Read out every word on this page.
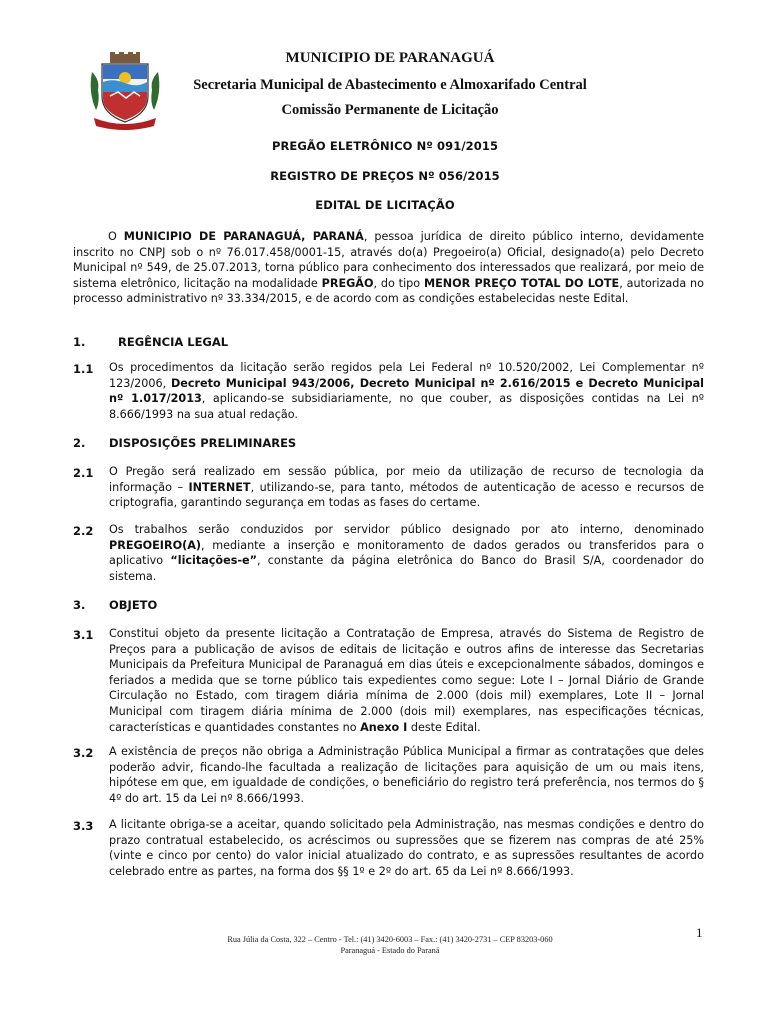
MUNICIPIO DE PARANAGUÁ
Secretaria Municipal de Abastecimento e Almoxarifado Central
Comissão Permanente de Licitação
PREGÃO ELETRÔNICO Nº 091/2015
REGISTRO DE PREÇOS Nº 056/2015
EDITAL DE LICITAÇÃO
O MUNICIPIO DE PARANAGUÁ, PARANÁ, pessoa jurídica de direito público interno, devidamente inscrito no CNPJ sob o nº 76.017.458/0001-15, através do(a) Pregoeiro(a) Oficial, designado(a) pelo Decreto Municipal nº 549, de 25.07.2013, torna público para conhecimento dos interessados que realizará, por meio de sistema eletrônico, licitação na modalidade PREGÃO, do tipo MENOR PREÇO TOTAL DO LOTE, autorizada no processo administrativo nº 33.334/2015, e de acordo com as condições estabelecidas neste Edital.
1.	REGÊNCIA LEGAL
1.1 Os procedimentos da licitação serão regidos pela Lei Federal nº 10.520/2002, Lei Complementar nº 123/2006, Decreto Municipal 943/2006, Decreto Municipal nº 2.616/2015 e Decreto Municipal nº 1.017/2013, aplicando-se subsidiariamente, no que couber, as disposições contidas na Lei nº 8.666/1993 na sua atual redação.
2. DISPOSIÇÕES PRELIMINARES
2.1 O Pregão será realizado em sessão pública, por meio da utilização de recurso de tecnologia da informação – INTERNET, utilizando-se, para tanto, métodos de autenticação de acesso e recursos de criptografia, garantindo segurança em todas as fases do certame.
2.2 Os trabalhos serão conduzidos por servidor público designado por ato interno, denominado PREGOEIRO(A), mediante a inserção e monitoramento de dados gerados ou transferidos para o aplicativo “licitações-e”, constante da página eletrônica do Banco do Brasil S/A, coordenador do sistema.
3. OBJETO
3.1 Constitui objeto da presente licitação a Contratação de Empresa, através do Sistema de Registro de Preços para a publicação de avisos de editais de licitação e outros afins de interesse das Secretarias Municipais da Prefeitura Municipal de Paranaguá em dias úteis e excepcionalmente sábados, domingos e feriados a medida que se torne público tais expedientes como segue: Lote I – Jornal Diário de Grande Circulação no Estado, com tiragem diária mínima de 2.000 (dois mil) exemplares, Lote II – Jornal Municipal com tiragem diária mínima de 2.000 (dois mil) exemplares, nas especificações técnicas, características e quantidades constantes no Anexo I deste Edital.
3.2 A existência de preços não obriga a Administração Pública Municipal a firmar as contratações que deles poderão advir, ficando-lhe facultada a realização de licitações para aquisição de um ou mais itens, hipótese em que, em igualdade de condições, o beneficiário do registro terá preferência, nos termos do § 4º do art. 15 da Lei nº 8.666/1993.
3.3 A licitante obriga-se a aceitar, quando solicitado pela Administração, nas mesmas condições e dentro do prazo contratual estabelecido, os acréscimos ou supressões que se fizerem nas compras de até 25% (vinte e cinco por cento) do valor inicial atualizado do contrato, e as supressões resultantes de acordo celebrado entre as partes, na forma dos §§ 1º e 2º do art. 65 da Lei nº 8.666/1993.
1
Rua Júlia da Costa, 322 – Centro - Tel.: (41) 3420-6003 – Fax.: (41) 3420-2731 – CEP 83203-060
Paranaguá - Estado do Paraná
